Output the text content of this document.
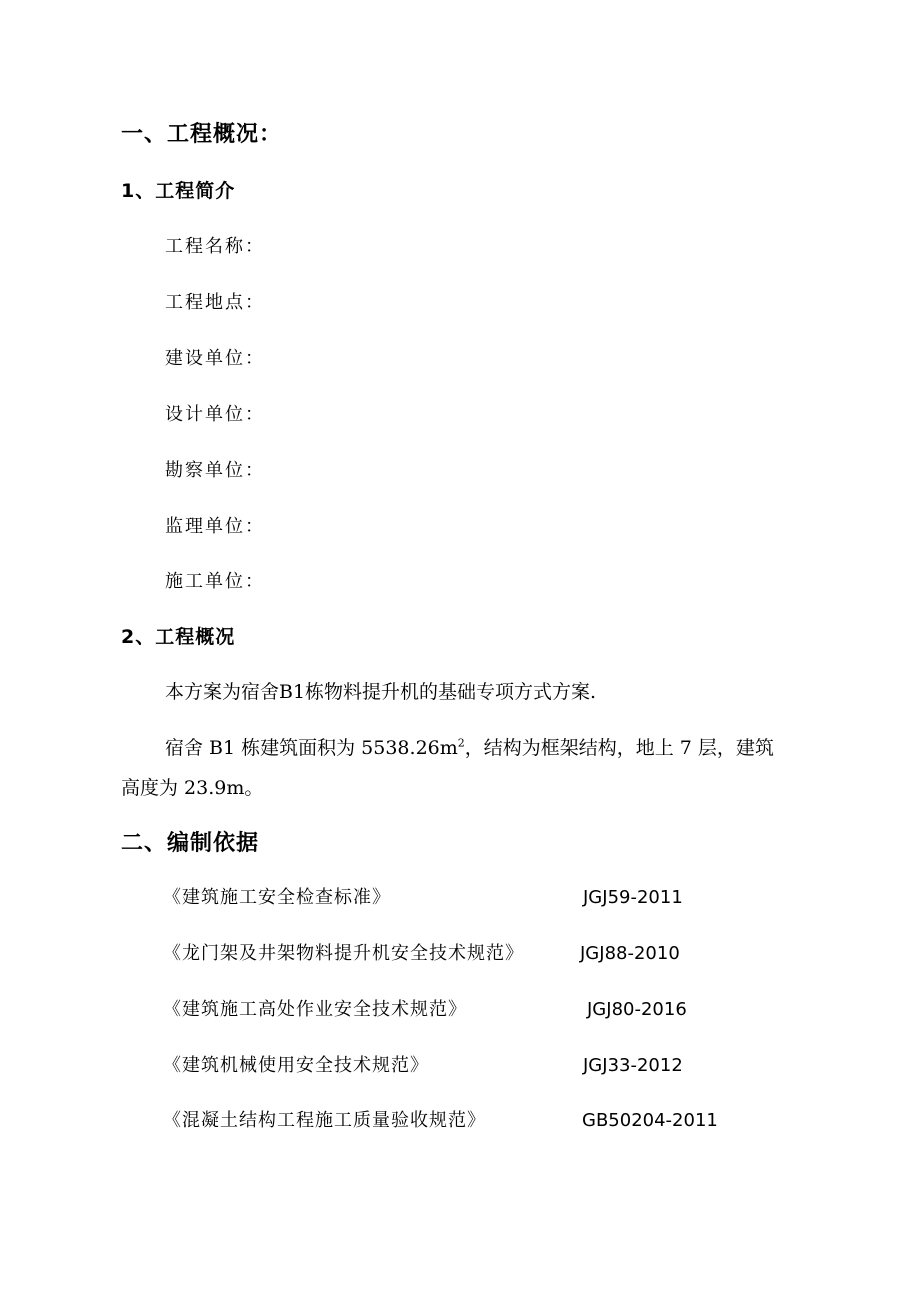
一、工程概况：
1、工程简介
工程名称：
工程地点：
建设单位：
设计单位：
勘察单位：
监理单位：
施工单位：
2、工程概况
本方案为宿舍B1栋物料提升机的基础专项方式方案.
宿舍 B1 栋建筑面积为 $5538.26m^2$，结构为框架结构，地上 7 层，建筑
高度为 23.9m。
二、编制依据
《建筑施工安全检查标准》	JGJ59-2011
《龙门架及井架物料提升机安全技术规范》	JGJ88-2010
《建筑施工高处作业安全技术规范》	JGJ80-2016
《建筑机械使用安全技术规范》	JGJ33-2012
《混凝土结构工程施工质量验收规范》	GB50204-2011
